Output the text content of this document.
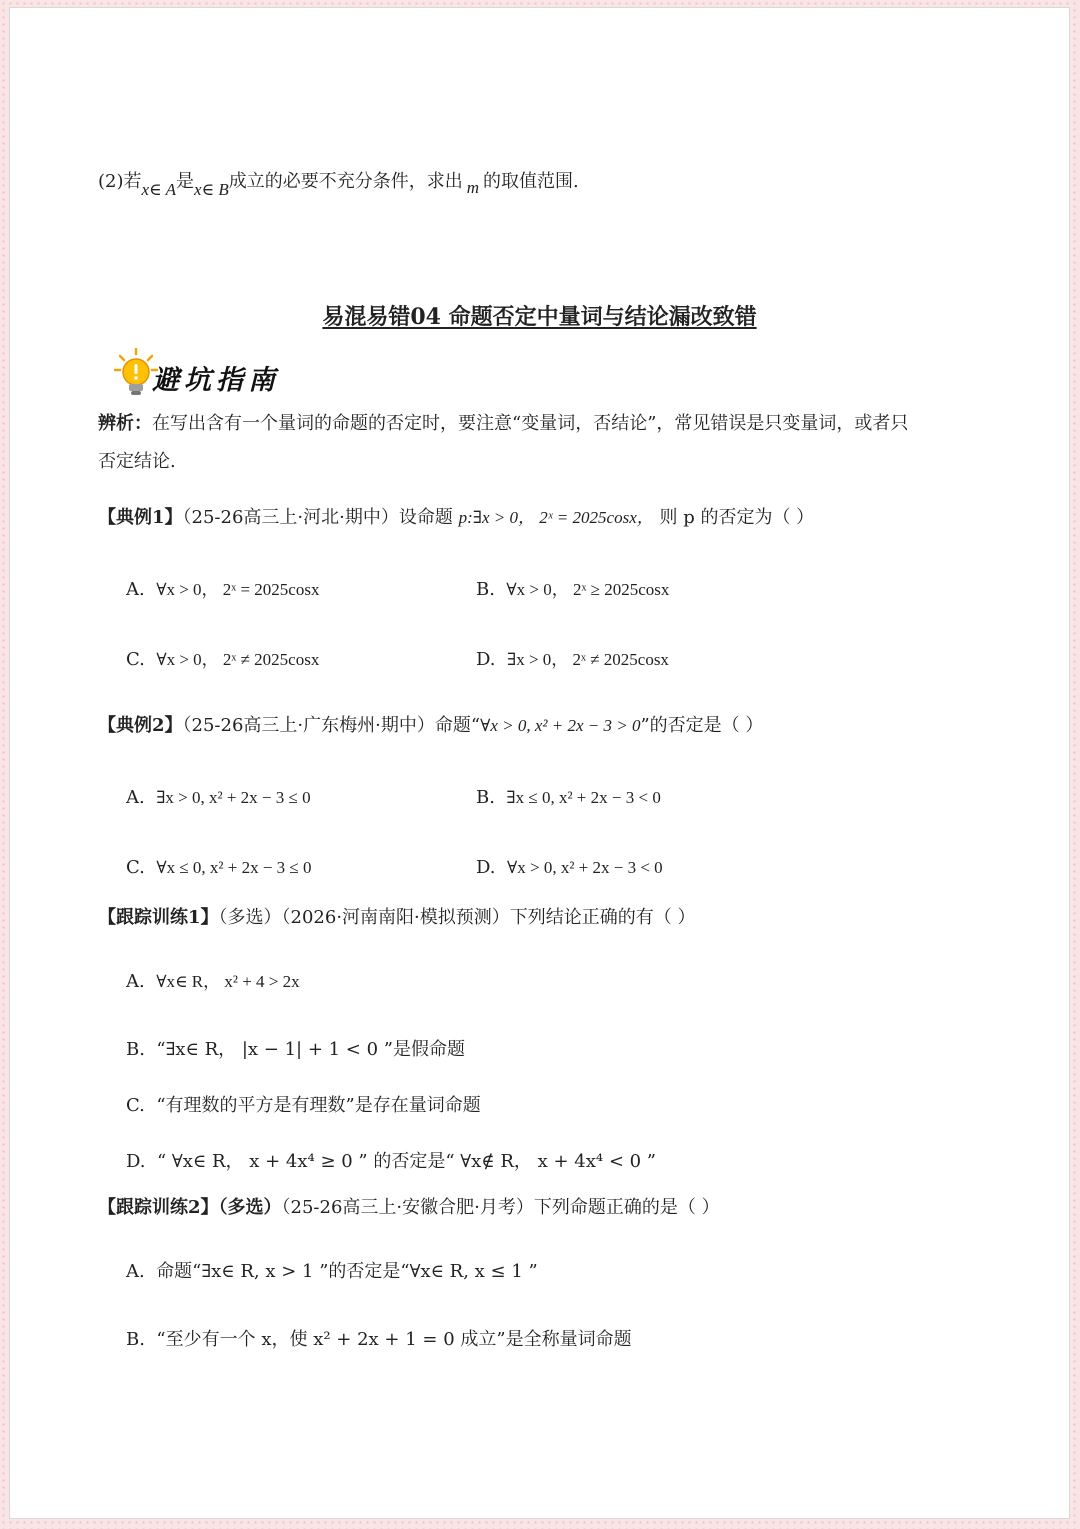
(2)若x∈ A是x∈ B成立的必要不充分条件，求出 m 的取值范围.
易混易错04 命题否定中量词与结论漏改致错
避坑指南
辨析：在写出含有一个量词的命题的否定时，要注意“变量词，否结论”，常见错误是只变量词，或者只
否定结论.
【典例1】（25-26高三上·河北·期中）设命题 p:∃x > 0， 2ˣ = 2025cosx， 则 p 的否定为（ ）
A. ∀x > 0， 2ˣ = 2025cosx	B. ∀x > 0， 2ˣ ≥ 2025cosx
C. ∀x > 0， 2ˣ ≠ 2025cosx	D. ∃x > 0， 2ˣ ≠ 2025cosx
【典例2】（25-26高三上·广东梅州·期中）命题“∀x > 0, x² + 2x − 3 > 0”的否定是（ ）
A. ∃x > 0, x² + 2x − 3 ≤ 0	B. ∃x ≤ 0, x² + 2x − 3 < 0
C. ∀x ≤ 0, x² + 2x − 3 ≤ 0	D. ∀x > 0, x² + 2x − 3 < 0
【跟踪训练1】（多选）（2026·河南南阳·模拟预测）下列结论正确的有（ ）
A. ∀x∈ R， x² + 4 > 2x
B. “∃x∈ R， |x − 1| + 1 < 0 ”是假命题
C. “有理数的平方是有理数”是存在量词命题
D. “ ∀x∈ R， x + 4x⁴ ≥ 0 ” 的否定是“ ∀x∉ R， x + 4x⁴ < 0 ”
【跟踪训练2】（多选）（25-26高三上·安徽合肥·月考）下列命题正确的是（ ）
A. 命题“∃x∈ R, x > 1 ”的否定是“∀x∈ R, x ≤ 1 ”
B. “至少有一个 x，使 x² + 2x + 1 = 0 成立”是全称量词命题
